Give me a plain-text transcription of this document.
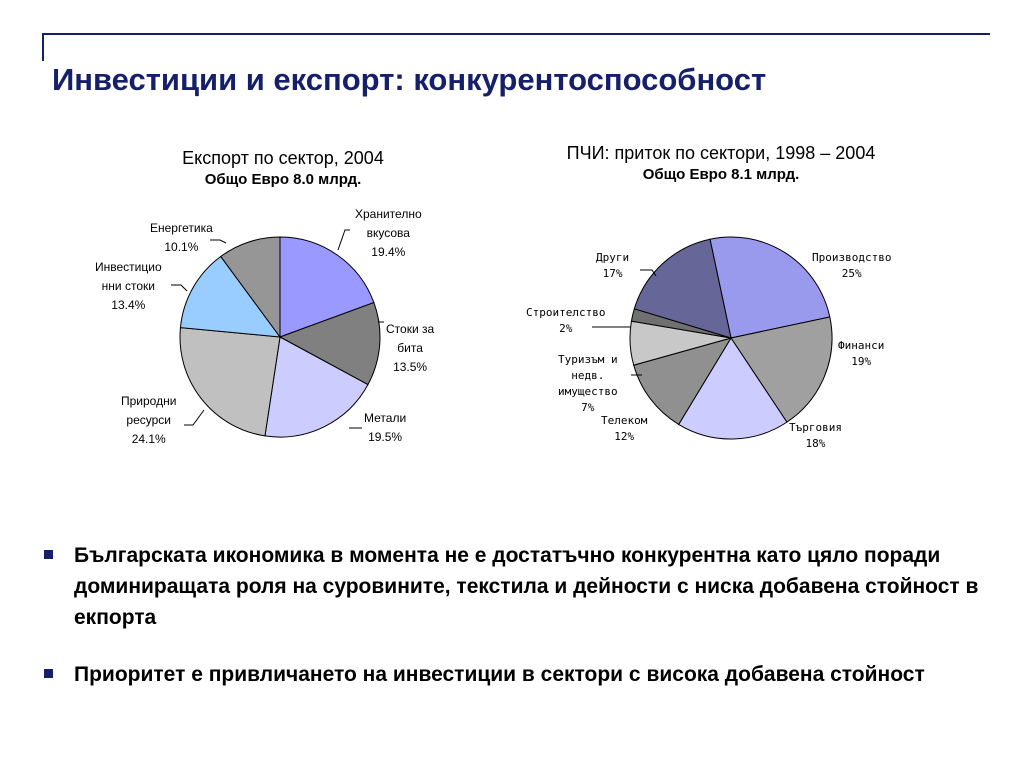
Инвестиции и експорт: конкурентоспособност
Експорт по сектор, 2004
Общо Евро 8.0 млрд.
ПЧИ: приток по сектори, 1998 – 2004
Общо Евро 8.1 млрд.
Хранително
вкусова
19.4%
Стоки за
бита
13.5%
Метали
19.5%
Природни
ресурси
24.1%
Инвестицио
нни стоки
13.4%
Енергетика
10.1%
Производство
25%
Финанси
19%
Търговия
18%
Телеком
12%
Туризъм и
недв.
имущество
7%
Строителство
2%
Други
17%
Българската икономика в момента не е достатъчно конкурентна като цяло поради доминиращата роля на суровините, текстила и дейности с ниска добавена стойност в екпорта
Приоритет е привличането на инвестиции в сектори с висока добавена стойност
